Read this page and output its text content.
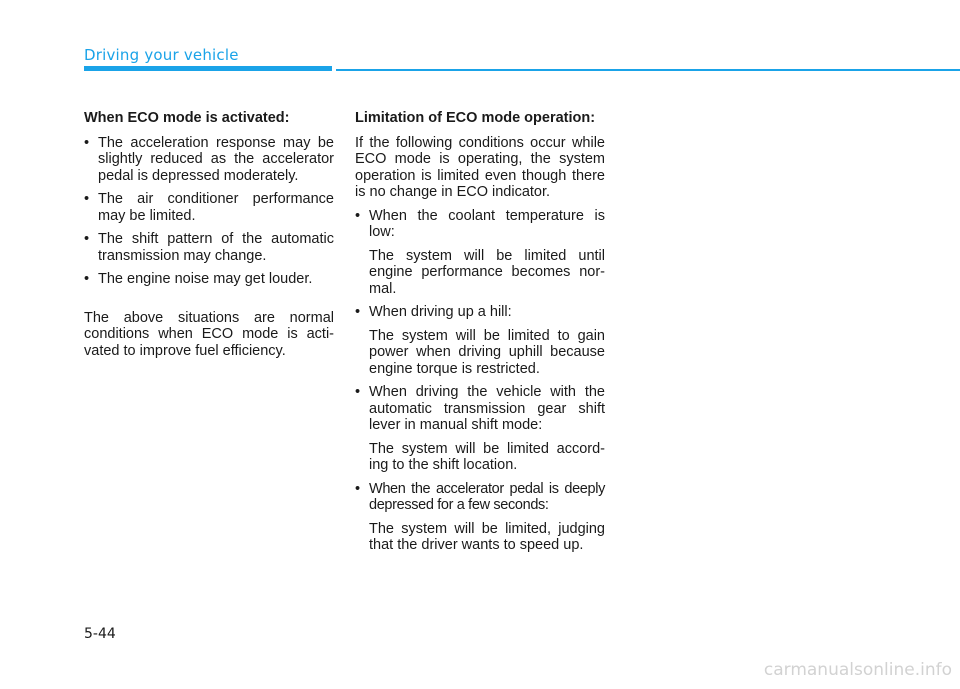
Driving your vehicle
When ECO mode is activated:
• The acceleration response may be slightly reduced as the accelerator pedal is depressed moderately.
• The air conditioner performance may be limited.
• The shift pattern of the automatic transmission may change.
• The engine noise may get louder.

The above situations are normal conditions when ECO mode is acti-vated to improve fuel efficiency.

Limitation of ECO mode operation:

If the following conditions occur while ECO mode is operating, the system operation is limited even though there is no change in ECO indicator.

• When the coolant temperature is low:
The system will be limited until engine performance becomes nor-mal.
• When driving up a hill:
The system will be limited to gain power when driving uphill because engine torque is restricted.
• When driving the vehicle with the automatic transmission gear shift lever in manual shift mode:
The system will be limited accord-ing to the shift location.
• When the accelerator pedal is deeply depressed for a few seconds:
The system will be limited, judging that the driver wants to speed up.
5-44
carmanualsonline.info
